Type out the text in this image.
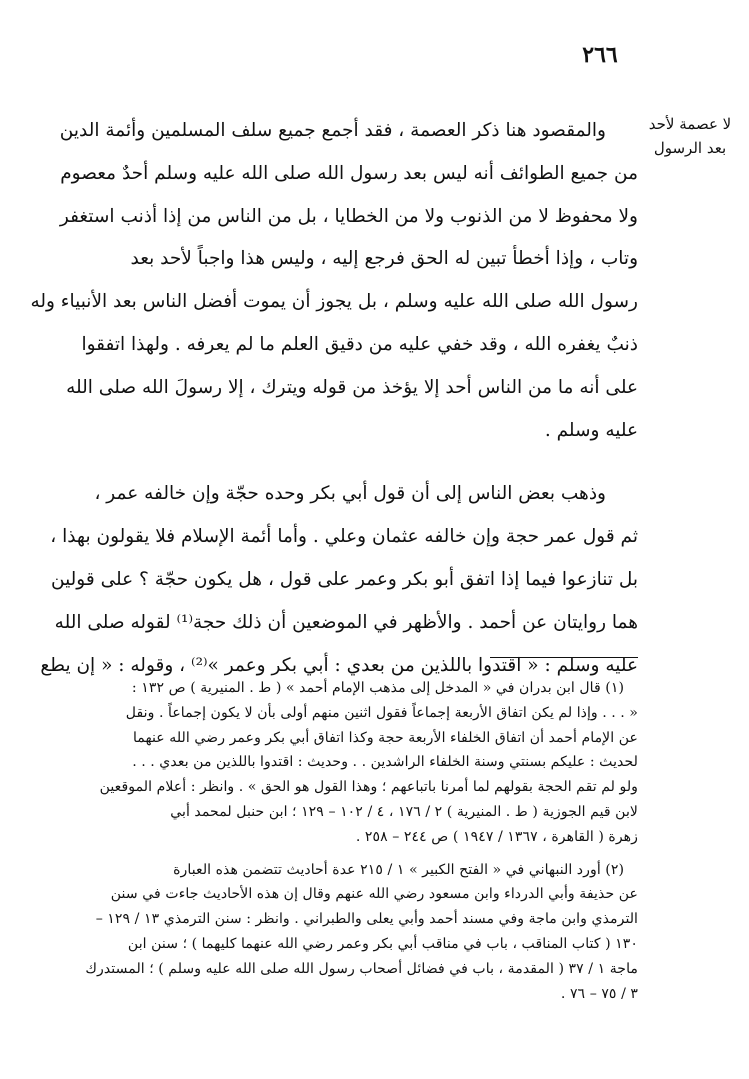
٢٦٦
لا عصمة لأحد
بعد الرسول

والمقصود هنا ذكر العصمة ، فقد أجمع جميع سلف المسلمين وأئمة الدين

من جميع الطوائف أنه ليس بعد رسول الله صلى الله عليه وسلم أحدٌ معصوم

ولا محفوظ لا من الذنوب ولا من الخطايا ، بل من الناس من إذا أذنب استغفر

وتاب ، وإذا أخطأ تبين له الحق فرجع إليه ، وليس هذا واجباً لأحد بعد

رسول الله صلى الله عليه وسلم ، بل يجوز أن يموت أفضل الناس بعد الأنبياء وله

ذنبٌ يغفره الله ، وقد خفي عليه من دقيق العلم ما لم يعرفه . ولهذا اتفقوا

على أنه ما من الناس أحد إلا يؤخذ من قوله ويترك ، إلا رسولَ الله صلى الله

عليه وسلم .

وذهب بعض الناس إلى أن قول أبي بكر وحده حجّة وإن خالفه عمر ،

ثم قول عمر حجة وإن خالفه عثمان وعلي . وأما أئمة الإسلام فلا يقولون بهذا ،

بل تنازعوا فيما إذا اتفق أبو بكر وعمر على قول ، هل يكون حجّة ؟ على قولين

هما روايتان عن أحمد . والأظهر في الموضعين أن ذلك حجة⁽¹⁾ لقوله صلى الله

عليه وسلم : « اقتدوا باللذين من بعدي : أبي بكر وعمر »⁽²⁾ ، وقوله : « إن يطع

(١) قال ابن بدران في « المدخل إلى مذهب الإمام أحمد » ( ط . المنيرية ) ص ١٣٢ :

« . . . وإذا لم يكن اتفاق الأربعة إجماعاً فقول اثنين منهم أولى بأن لا يكون إجماعاً . ونقل

عن الإمام أحمد أن اتفاق الخلفاء الأربعة حجة وكذا اتفاق أبي بكر وعمر رضي الله عنهما

لحديث : عليكم بسنتي وسنة الخلفاء الراشدين . . وحديث : اقتدوا باللذين من بعدي . . .

ولو لم تقم الحجة بقولهم لما أمرنا باتباعهم ؛ وهذا القول هو الحق » . وانظر : أعلام الموقعين

لابن قيم الجوزية ( ط . المنيرية ) ٢ / ١٧٦ ، ٤ / ١٠٢ – ١٢٩ ؛ ابن حنبل لمحمد أبي

زهرة ( القاهرة ، ١٣٦٧ / ١٩٤٧ ) ص ٢٤٤ – ٢٥٨ .

(٢) أورد النبهاني في « الفتح الكبير » ١ / ٢١٥ عدة أحاديث تتضمن هذه العبارة

عن حذيفة وأبي الدرداء وابن مسعود رضي الله عنهم وقال إن هذه الأحاديث جاءت في سنن

الترمذي وابن ماجة وفي مسند أحمد وأبي يعلى والطبراني . وانظر : سنن الترمذي ١٣ / ١٢٩ –

١٣٠ ( كتاب المناقب ، باب في مناقب أبي بكر وعمر رضي الله عنهما كليهما ) ؛ سنن ابن

ماجة ١ / ٣٧ ( المقدمة ، باب في فضائل أصحاب رسول الله صلى الله عليه وسلم ) ؛ المستدرك

٣ / ٧٥ – ٧٦ .
